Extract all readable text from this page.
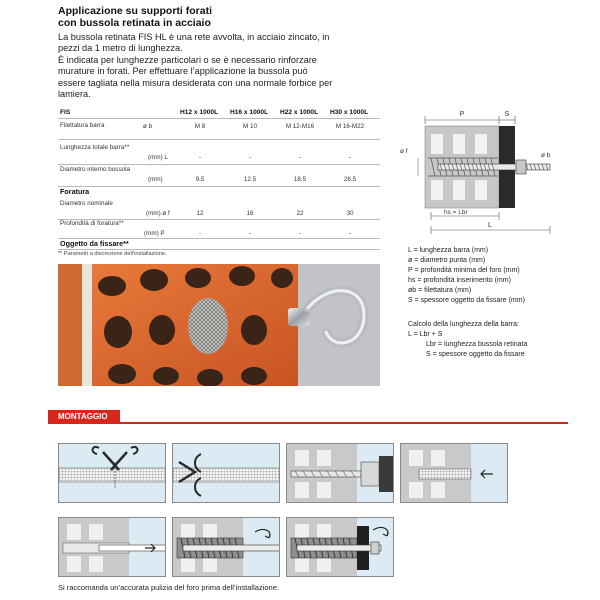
Applicazione su supporti forati
con bussola retinata in acciaio

La bussola retinata FIS HL è una rete avvolta, in acciaio zincato, in

pezzi da 1 metro di lunghezza.

È indicata per lunghezze particolari o se è necessario rinforzare

murature in forati. Per effettuare l’applicazione la bussola può

essere tagliata nella misura desiderata con una normale forbice per

lamiera.

FIS	H12 x 1000L H16 x 1000L H22 x 1000L H30 x 1000L
Filettatura barra	ø b	M 8	M 10	M 12-M16	M 16-M22
Lunghezza totale barra**
(mm) L	-	-	-	-
Diametro interno bussola
(mm)	9.5	12.5	18.5	26.5
Foratura
Diametro nominale
(mm) ø f	12	16	22	30
Profondità di foratura**
(mm) P	-	-	-	-
Oggetto da fissare**
** Parametri a discrezione dell’installazione.
P	S
ø f
ø b
hs = Lbr
L
L = lunghezza barra (mm)
ø = diametro punta (mm)
P = profondità minima del foro (mm)
hs = profondità inserimento (mm)
øb = filettatura (mm)
S = spessore oggetto da fissare (mm)
Calcolo della lunghezza della barra:
L = Lbr + S
Lbr = lunghezza bussola retinata
S = spessore oggetto da fissare
MONTAGGIO
Si raccomanda un’accurata pulizia del foro prima dell’installazione.
